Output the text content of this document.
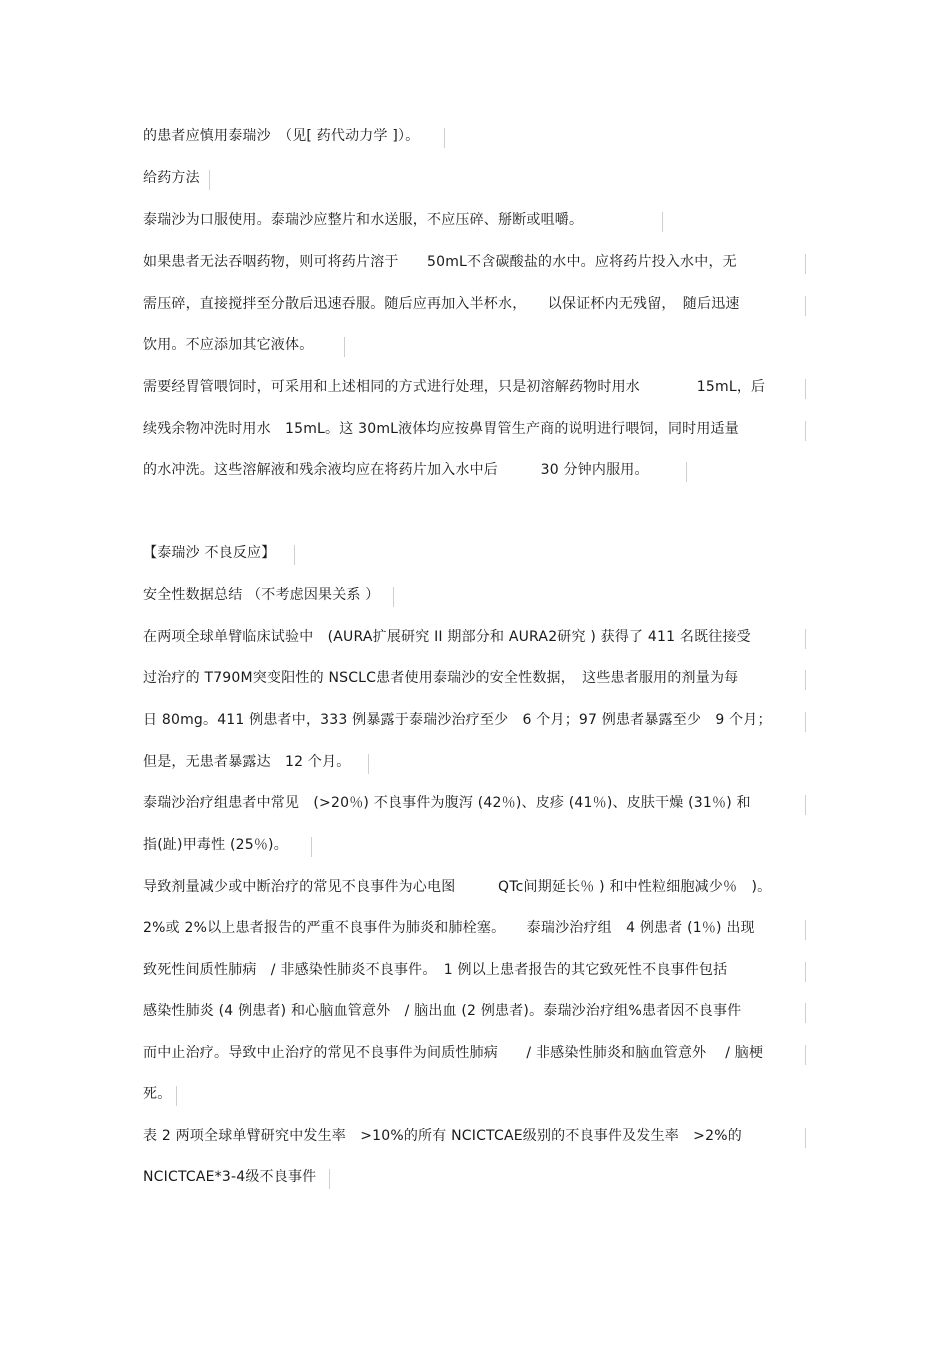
的患者应慎用泰瑞沙　（见[ 药代动力学 ]）。
给药方法
泰瑞沙为口服使用。泰瑞沙应整片和水送服，不应压碎、掰断或咀嚼。
如果患者无法吞咽药物，则可将药片溶于　　50mL不含碳酸盐的水中。应将药片投入水中，无
需压碎，直接搅拌至分散后迅速吞服。随后应再加入半杯水，　　以保证杯内无残留，　随后迅速
饮用。不应添加其它液体。
需要经胃管喂饲时，可采用和上述相同的方式进行处理，只是初溶解药物时用水　　　　15mL，后
续残余物冲洗时用水　15mL。这 30mL液体均应按鼻胃管生产商的说明进行喂饲，同时用适量
的水冲洗。这些溶解液和残余液均应在将药片加入水中后　　　30 分钟内服用。
【泰瑞沙 不良反应】
安全性数据总结 （不考虑因果关系 ）
在两项全球单臂临床试验中　(AURA扩展研究 II 期部分和 AURA2研究 ) 获得了 411 名既往接受
过治疗的 T790M突变阳性的 NSCLC患者使用泰瑞沙的安全性数据，　这些患者服用的剂量为每
日 80mg。411 例患者中，333 例暴露于泰瑞沙治疗至少　6 个月；97 例患者暴露至少　9 个月；
但是，无患者暴露达　12 个月。
泰瑞沙治疗组患者中常见　(>20％) 不良事件为腹泻 (42％)、皮疹 (41％)、皮肤干燥 (31％) 和
指(趾)甲毒性 (25％)。
导致剂量减少或中断治疗的常见不良事件为心电图　　　QTc间期延长％ ) 和中性粒细胞减少％　)。
2%或 2%以上患者报告的严重不良事件为肺炎和肺栓塞。　　泰瑞沙治疗组　4 例患者 (1％) 出现
致死性间质性肺病　/ 非感染性肺炎不良事件。　1 例以上患者报告的其它致死性不良事件包括
感染性肺炎 (4 例患者) 和心脑血管意外　/ 脑出血 (2 例患者)。泰瑞沙治疗组%患者因不良事件
而中止治疗。导致中止治疗的常见不良事件为间质性肺病　　/ 非感染性肺炎和脑血管意外　 / 脑梗
死。
表 2 两项全球单臂研究中发生率　>10%的所有 NCICTCAE级别的不良事件及发生率　>2%的
NCICTCAE*3-4级不良事件
